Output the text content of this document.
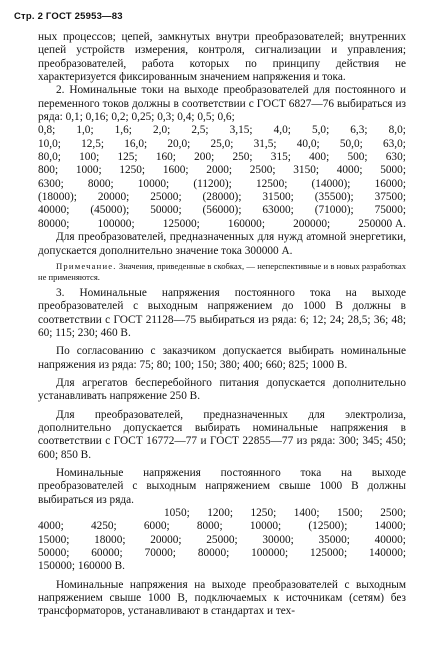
Стр. 2 ГОСТ 25953—83

ных процессов; цепей, замкнутых внутри преобразователей; внутренних цепей устройств измерения, контроля, сигнализации и управления; преобразователей, работа которых по принципу действия не характеризуется фиксированным значением напряжения и тока.

2. Номинальные токи на выходе преобразователей для постоянного и переменного токов должны в соответствии с ГОСТ 6827—76 выбираться из ряда: 0,1; 0,16; 0,2; 0,25; 0,3; 0,4; 0,5; 0,6;

0,8; 1,0; 1,6; 2,0; 2,5; 3,15; 4,0; 5,0; 6,3; 8,0;
10,0; 12,5; 16,0; 20,0; 25,0; 31,5; 40,0; 50,0; 63,0;
80,0; 100; 125; 160; 200; 250; 315; 400; 500; 630;
800; 1000; 1250; 1600; 2000; 2500; 3150; 4000; 5000;
6300; 8000; 10000; (11200); 12500; (14000); 16000;
(18000); 20000; 25000; (28000); 31500; (35500); 37500;
40000; (45000); 50000; (56000); 63000; (71000); 75000;
80000; 100000; 125000; 160000; 200000; 250000 А.

Для преобразователей, предназначенных для нужд атомной энергетики, допускается дополнительно значение тока 300000 А.

Примечание. Значения, приведенные в скобках, — неперспективные и в новых разработках не применяются.

3. Номинальные напряжения постоянного тока на выходе преобразователей с выходным напряжением до 1000 В должны в соответствии с ГОСТ 21128—75 выбираться из ряда: 6; 12; 24; 28,5; 36; 48; 60; 115; 230; 460 В.

По согласованию с заказчиком допускается выбирать номинальные напряжения из ряда: 75; 80; 100; 150; 380; 400; 660; 825; 1000 В.

Для агрегатов бесперебойного питания допускается дополнительно устанавливать напряжение 250 В.

Для преобразователей, предназначенных для электролиза, дополнительно допускается выбирать номинальные напряжения в соответствии с ГОСТ 16772—77 и ГОСТ 22855—77 из ряда: 300; 345; 450; 600; 850 В.

Номинальные напряжения постоянного тока на выходе преобразователей с выходным напряжением свыше 1000 В должны выбираться из ряда.

1050; 1200; 1250; 1400; 1500; 2500;
4000; 4250; 6000; 8000; 10000; (12500); 14000;
15000; 18000; 20000; 25000; 30000; 35000; 40000;
50000; 60000; 70000; 80000; 100000; 125000; 140000;

150000; 160000 В.

Номинальные напряжения на выходе преобразователей с выходным напряжением свыше 1000 В, подключаемых к источникам (сетям) без трансформаторов, устанавливают в стандартах и тех-
